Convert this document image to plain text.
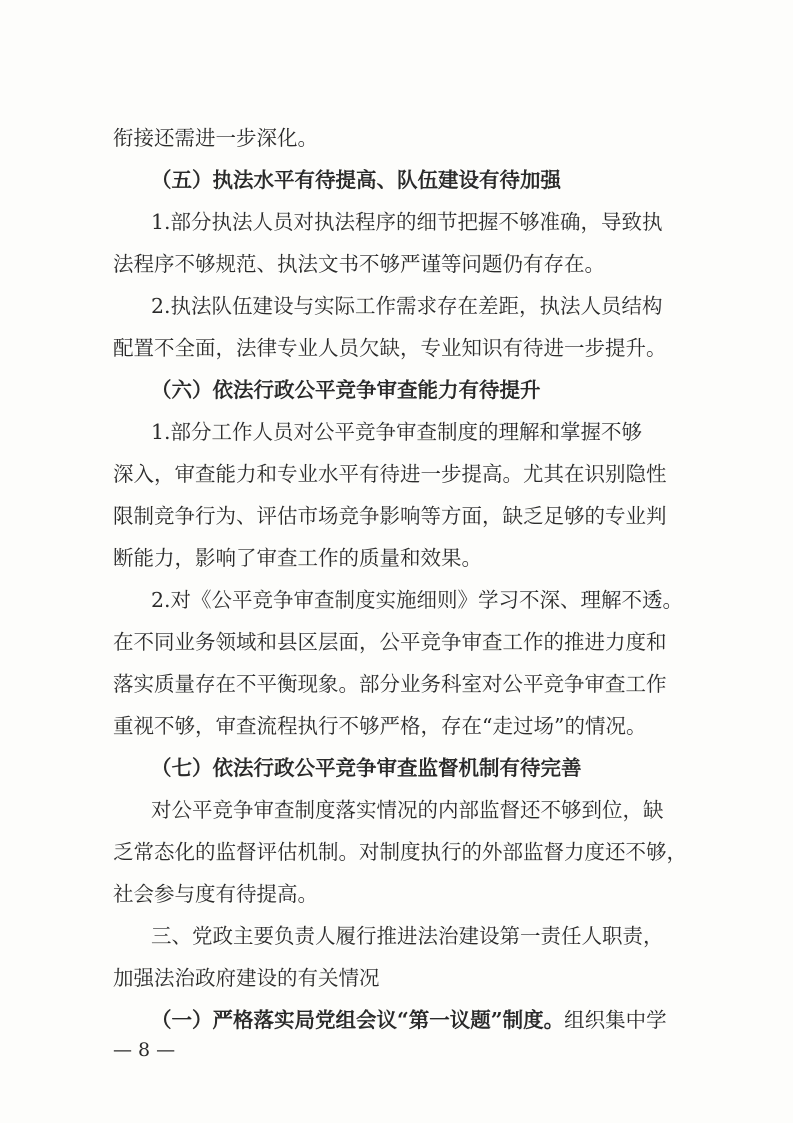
衔接还需进一步深化。
（五）执法水平有待提高、队伍建设有待加强
1.部分执法人员对执法程序的细节把握不够准确，导致执
法程序不够规范、执法文书不够严谨等问题仍有存在。
2.执法队伍建设与实际工作需求存在差距，执法人员结构
配置不全面，法律专业人员欠缺，专业知识有待进一步提升。
（六）依法行政公平竞争审查能力有待提升
1.部分工作人员对公平竞争审查制度的理解和掌握不够
深入，审查能力和专业水平有待进一步提高。尤其在识别隐性
限制竞争行为、评估市场竞争影响等方面，缺乏足够的专业判
断能力，影响了审查工作的质量和效果。
2.对《公平竞争审查制度实施细则》学习不深、理解不透。
在不同业务领域和县区层面，公平竞争审查工作的推进力度和
落实质量存在不平衡现象。部分业务科室对公平竞争审查工作
重视不够，审查流程执行不够严格，存在“走过场”的情况。
（七）依法行政公平竞争审查监督机制有待完善
对公平竞争审查制度落实情况的内部监督还不够到位，缺
乏常态化的监督评估机制。对制度执行的外部监督力度还不够，
社会参与度有待提高。
三、党政主要负责人履行推进法治建设第一责任人职责，
加强法治政府建设的有关情况
（一）严格落实局党组会议“第一议题”制度。组织集中学
— 8 —
